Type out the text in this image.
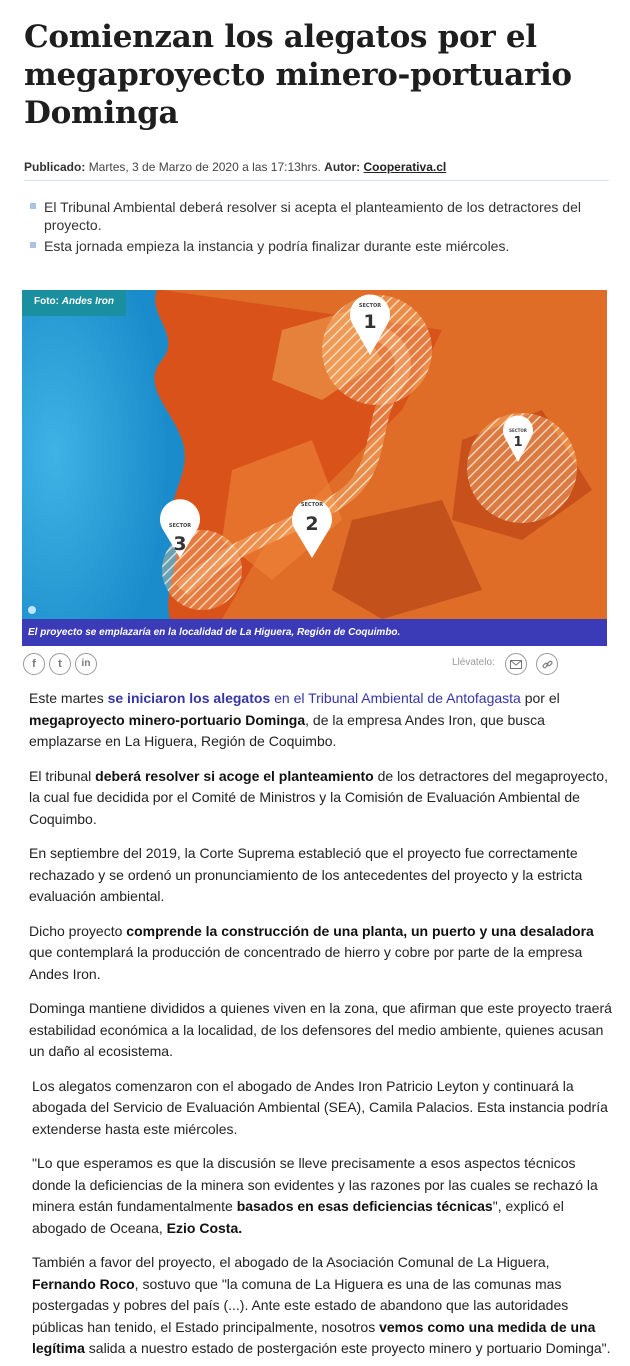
Comienzan los alegatos por el megaproyecto minero-portuario Dominga
Publicado: Martes, 3 de Marzo de 2020 a las 17:13hrs. Autor: Cooperativa.cl
El Tribunal Ambiental deberá resolver si acepta el planteamiento de los detractores del proyecto.
Esta jornada empieza la instancia y podría finalizar durante este miércoles.
SECTOR
1
SECTOR
1
SECTOR
2
SECTOR
3
Foto: Andes Iron
El proyecto se emplazaría en la localidad de La Higuera, Región de Coquimbo.
f	t	in	Llévatelo:

Este martes se iniciaron los alegatos en el Tribunal Ambiental de Antofagasta por el megaproyecto minero-portuario Dominga, de la empresa Andes Iron, que busca emplazarse en La Higuera, Región de Coquimbo.

El tribunal deberá resolver si acoge el planteamiento de los detractores del megaproyecto, la cual fue decidida por el Comité de Ministros y la Comisión de Evaluación Ambiental de Coquimbo.

En septiembre del 2019, la Corte Suprema estableció que el proyecto fue correctamente rechazado y se ordenó un pronunciamiento de los antecedentes del proyecto y la estricta evaluación ambiental.

Dicho proyecto comprende la construcción de una planta, un puerto y una desaladora que contemplará la producción de concentrado de hierro y cobre por parte de la empresa Andes Iron.

Dominga mantiene divididos a quienes viven en la zona, que afirman que este proyecto traerá estabilidad económica a la localidad, de los defensores del medio ambiente, quienes acusan un daño al ecosistema.

Los alegatos comenzaron con el abogado de Andes Iron Patricio Leyton y continuará la abogada del Servicio de Evaluación Ambiental (SEA), Camila Palacios. Esta instancia podría extenderse hasta este miércoles.

"Lo que esperamos es que la discusión se lleve precisamente a esos aspectos técnicos donde la deficiencias de la minera son evidentes y las razones por las cuales se rechazó la minera están fundamentalmente basados en esas deficiencias técnicas", explicó el abogado de Oceana, Ezio Costa.

También a favor del proyecto, el abogado de la Asociación Comunal de La Higuera, Fernando Roco, sostuvo que "la comuna de La Higuera es una de las comunas mas postergadas y pobres del país (...). Ante este estado de abandono que las autoridades públicas han tenido, el Estado principalmente, nosotros vemos como una medida de una legítima salida a nuestro estado de postergación este proyecto minero y portuario Dominga".
